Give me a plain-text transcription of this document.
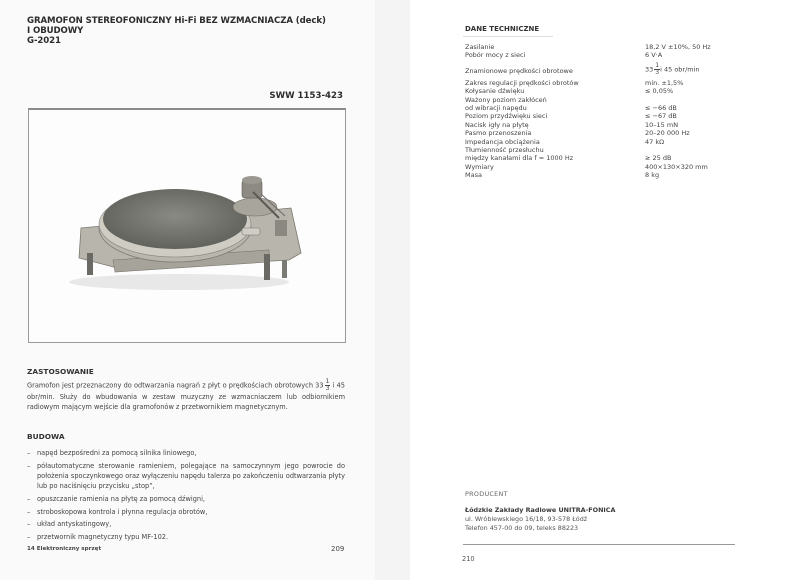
GRAMOFON STEREOFONICZNY Hi-Fi BEZ WZMACNIACZA (deck)
I OBUDOWY
G-2021
SWW 1153-423
ZASTOSOWANIE
Gramofon jest przeznaczony do odtwarzania nagrań z płyt o prędkościach obrotowych $33 \frac{1}{3}$ i 45 obr/min. Służy do wbudowania w zestaw muzyczny ze wzmacniaczem lub odbiornikiem radiowym mającym wejście dla gramofonów z przetwornikiem magnetycznym.
BUDOWA
– napęd bezpośredni za pomocą silnika liniowego,
– półautomatyczne sterowanie ramieniem, polegające na samoczynnym jego powrocie do położenia spoczynkowego oraz wyłączeniu napędu talerza po zakończeniu odtwarzania płyty lub po naciśnięciu przycisku „stop”,
– opuszczanie ramienia na płytę za pomocą dźwigni,
– stroboskopowa kontrola i płynna regulacja obrotów,
– układ antyskatingowy,
– przetwornik magnetyczny typu MF-102.
14 Elektroniczny sprzęt	209
DANE TECHNICZNE
Zasilanie	18,2 V ±10%, 50 Hz
Pobór mocy z sieci	6 V·A
Znamionowe prędkości obrotowe	$33 \frac{1}{3}$ i 45 obr/min
Zakres regulacji prędkości obrotów	min. ±1,5%
Kołysanie dźwięku	≤ 0,05%
Ważony poziom zakłóceń	
od wibracji napędu	≤ −66 dB
Poziom przydźwięku sieci	≤ −67 dB
Nacisk igły na płytę	10–15 mN
Pasmo przenoszenia	20–20 000 Hz
Impedancja obciążenia	47 kΩ
Tłumienność przesłuchu	
między kanałami dla f = 1000 Hz	≥ 25 dB
Wymiary	400×130×320 mm
Masa	8 kg
PRODUCENT
Łódzkie Zakłady Radiowe UNITRA-FONICA
ul. Wróblewskiego 16/18, 93-578 Łódź
Telefon 457-00 do 09, teleks 88223
210
